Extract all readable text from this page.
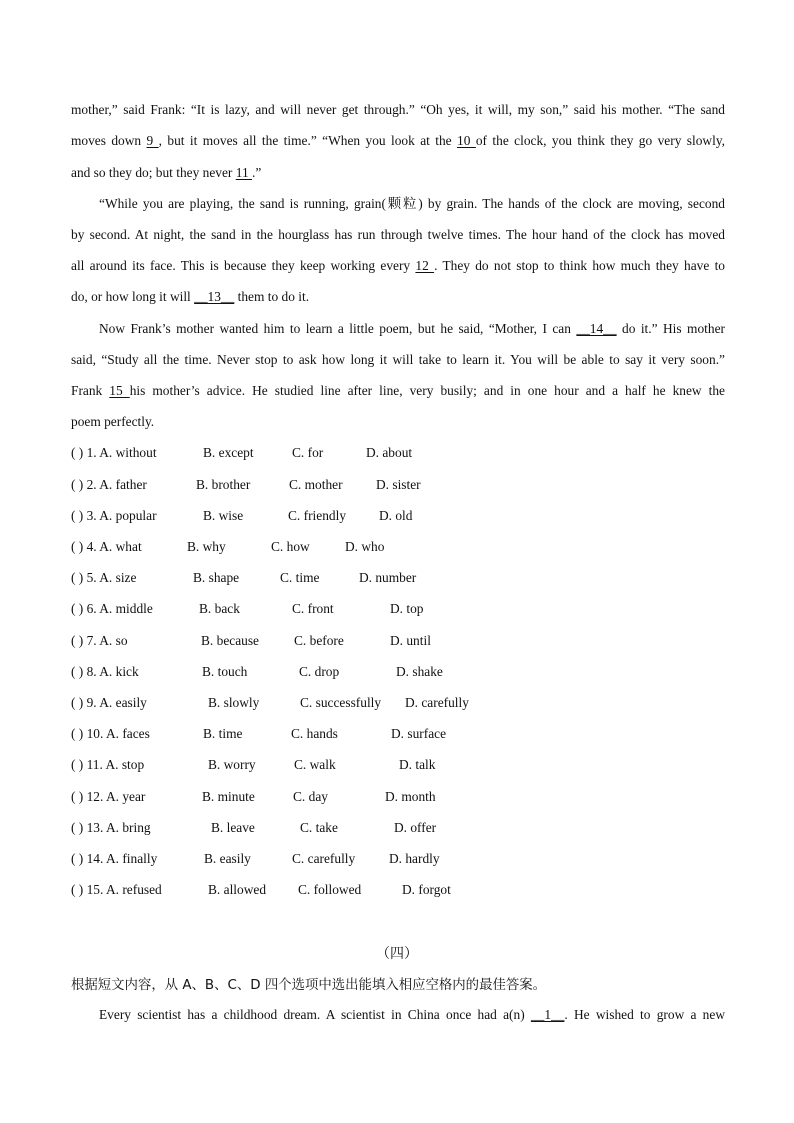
mother,” said Frank: “It is lazy, and will never get through.” “Oh yes, it will, my son,” said his mother. “The sand
moves down 9 , but it moves all the time.” “When you look at the 10 of the clock, you think they go very slowly,
and so they do; but they never 11 .”
“While you are playing, the sand is running, grain(颗粒) by grain. The hands of the clock are moving, second
by second. At night, the sand in the hourglass has run through twelve times. The hour hand of the clock has moved
all around its face. This is because they keep working every 12 . They do not stop to think how much they have to
do, or how long it will __13__ them to do it.
Now Frank’s mother wanted him to learn a little poem, but he said, “Mother, I can __14__ do it.” His mother
said, “Study all the time. Never stop to ask how long it will take to learn it. You will be able to say it very soon.”
Frank 15 his mother’s advice. He studied line after line, very busily; and in one hour and a half he knew the
poem perfectly.
( ) 1. A. without	B. except	C. for	D. about
( ) 2. A. father	B. brother	C. mother D. sister
( ) 3. A. popular	B. wise	C. friendly D. old
( ) 4. A. what	B. why	C. how	D. who
( ) 5. A. size	B. shape	C. time	D. number
( ) 6. A. middle	B. back	C. front	D. top
( ) 7. A. so	B. because	C. before	D. until
( ) 8. A. kick	B. touch	C. drop	D. shake
( ) 9. A. easily	B. slowly	C. successfully D. carefully
( ) 10. A. faces	B. time	C. hands	D. surface
( ) 11. A. stop	B. worry	C. walk	D. talk
( ) 12. A. year	B. minute	C. day	D. month
( ) 13. A. bring	B. leave	C. take	D. offer
( ) 14. A. finally	B. easily	C. carefully	D. hardly
( ) 15. A. refused	B. allowed C. followed	D. forgot
（四）
根据短文内容，从 A、B、C、D 四个选项中选出能填入相应空格内的最佳答案。
Every scientist has a childhood dream. A scientist in China once had a(n) __1__. He wished to grow a new
